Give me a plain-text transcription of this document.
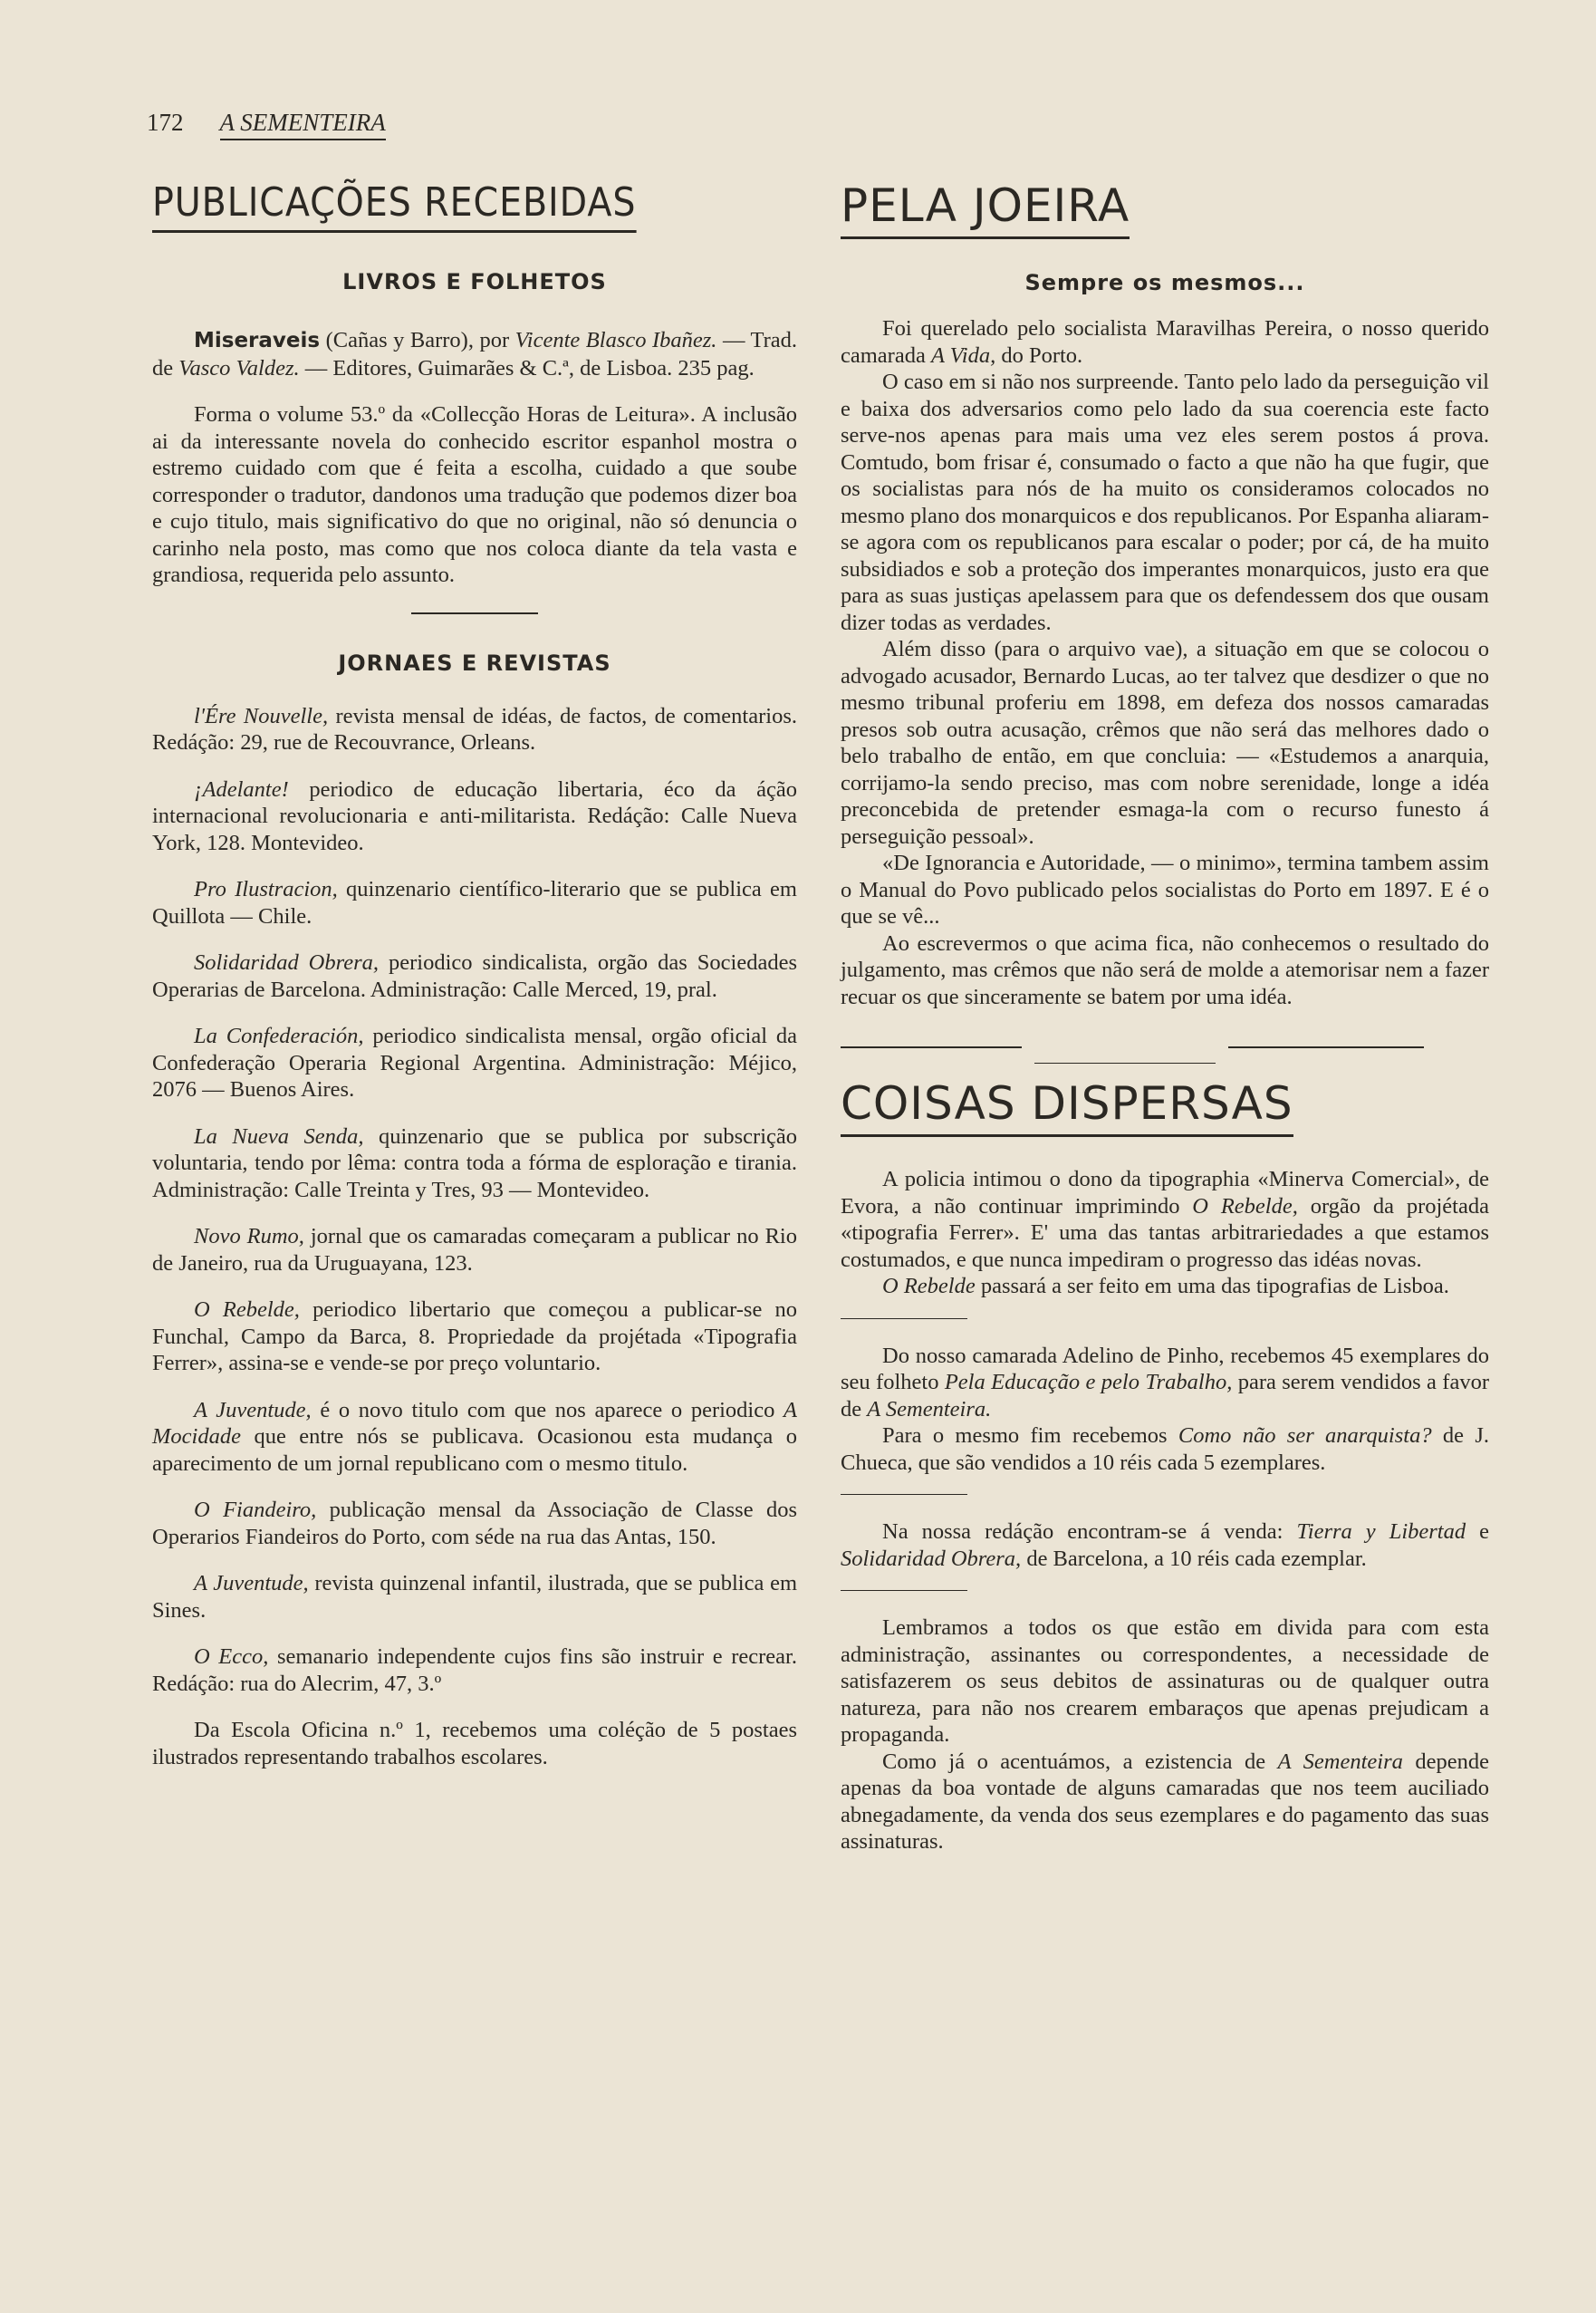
172 A SEMENTEIRA
PUBLICAÇÕES RECEBIDAS
LIVROS E FOLHETOS

Miseraveis (Cañas y Barro), por Vicente Blasco Ibañez. — Trad. de Vasco Valdez. — Editores, Guimarães & C.ª, de Lisboa. 235 pag.

Forma o volume 53.º da «Collecção Horas de Leitura». A inclusão ai da interessante novela do conhecido escritor espanhol mostra o estremo cuidado com que é feita a escolha, cuidado a que soube corresponder o tradutor, dandonos uma tradução que podemos dizer boa e cujo titulo, mais significativo do que no original, não só denuncia o carinho nela posto, mas como que nos coloca diante da tela vasta e grandiosa, requerida pelo assunto.

JORNAES E REVISTAS

l'Ére Nouvelle, revista mensal de idéas, de factos, de comentarios. Redáção: 29, rue de Recouvrance, Orleans.

¡Adelante! periodico de educação libertaria, éco da áção internacional revolucionaria e anti-militarista. Redáção: Calle Nueva York, 128. Montevideo.

Pro Ilustracion, quinzenario científico-literario que se publica em Quillota — Chile.

Solidaridad Obrera, periodico sindicalista, orgão das Sociedades Operarias de Barcelona. Administração: Calle Merced, 19, pral.

La Confederación, periodico sindicalista mensal, orgão oficial da Confederação Operaria Regional Argentina. Administração: Méjico, 2076 — Buenos Aires.

La Nueva Senda, quinzenario que se publica por subscrição voluntaria, tendo por lêma: contra toda a fórma de esploração e tirania. Administração: Calle Treinta y Tres, 93 — Montevideo.

Novo Rumo, jornal que os camaradas começaram a publicar no Rio de Janeiro, rua da Uruguayana, 123.

O Rebelde, periodico libertario que começou a publicar-se no Funchal, Campo da Barca, 8. Propriedade da projétada «Tipografia Ferrer», assina-se e vende-se por preço voluntario.

A Juventude, é o novo titulo com que nos aparece o periodico A Mocidade que entre nós se publicava. Ocasionou esta mudança o aparecimento de um jornal republicano com o mesmo titulo.

O Fiandeiro, publicação mensal da Associação de Classe dos Operarios Fiandeiros do Porto, com séde na rua das Antas, 150.

A Juventude, revista quinzenal infantil, ilustrada, que se publica em Sines.

O Ecco, semanario independente cujos fins são instruir e recrear. Redáção: rua do Alecrim, 47, 3.º

Da Escola Oficina n.º 1, recebemos uma coléção de 5 postaes ilustrados representando trabalhos escolares.

PELA JOEIRA
Sempre os mesmos...

Foi querelado pelo socialista Maravilhas Pereira, o nosso querido camarada A Vida, do Porto.

O caso em si não nos surpreende. Tanto pelo lado da perseguição vil e baixa dos adversarios como pelo lado da sua coerencia este facto serve-nos apenas para mais uma vez eles serem postos á prova. Comtudo, bom frisar é, consumado o facto a que não ha que fugir, que os socialistas para nós de ha muito os consideramos colocados no mesmo plano dos monarquicos e dos republicanos. Por Espanha aliaram-se agora com os republicanos para escalar o poder; por cá, de ha muito subsidiados e sob a proteção dos imperantes monarquicos, justo era que para as suas justiças apelassem para que os defendessem dos que ousam dizer todas as verdades.

Além disso (para o arquivo vae), a situação em que se colocou o advogado acusador, Bernardo Lucas, ao ter talvez que desdizer o que no mesmo tribunal proferiu em 1898, em defeza dos nossos camaradas presos sob outra acusação, crêmos que não será das melhores dado o belo trabalho de então, em que concluia: — «Estudemos a anarquia, corrijamo-la sendo preciso, mas com nobre serenidade, longe a idéa preconcebida de pretender esmaga-la com o recurso funesto á perseguição pessoal».

«De Ignorancia e Autoridade, — o minimo», termina tambem assim o Manual do Povo publicado pelos socialistas do Porto em 1897. E é o que se vê...

Ao escrevermos o que acima fica, não conhecemos o resultado do julgamento, mas crêmos que não será de molde a atemorisar nem a fazer recuar os que sinceramente se batem por uma idéa.

COISAS DISPERSAS

A policia intimou o dono da tipographia «Minerva Comercial», de Evora, a não continuar imprimindo O Rebelde, orgão da projétada «tipografia Ferrer». E' uma das tantas arbitrariedades a que estamos costumados, e que nunca impediram o progresso das idéas novas.

O Rebelde passará a ser feito em uma das tipografias de Lisboa.

Do nosso camarada Adelino de Pinho, recebemos 45 exemplares do seu folheto Pela Educação e pelo Trabalho, para serem vendidos a favor de A Sementeira.

Para o mesmo fim recebemos Como não ser anarquista? de J. Chueca, que são vendidos a 10 réis cada 5 ezemplares.

Na nossa redáção encontram-se á venda: Tierra y Libertad e Solidaridad Obrera, de Barcelona, a 10 réis cada ezemplar.

Lembramos a todos os que estão em divida para com esta administração, assinantes ou correspondentes, a necessidade de satisfazerem os seus debitos de assinaturas ou de qualquer outra natureza, para não nos crearem embaraços que apenas prejudicam a propaganda.

Como já o acentuámos, a ezistencia de A Sementeira depende apenas da boa vontade de alguns camaradas que nos teem auciliado abnegadamente, da venda dos seus ezemplares e do pagamento das suas assinaturas.
